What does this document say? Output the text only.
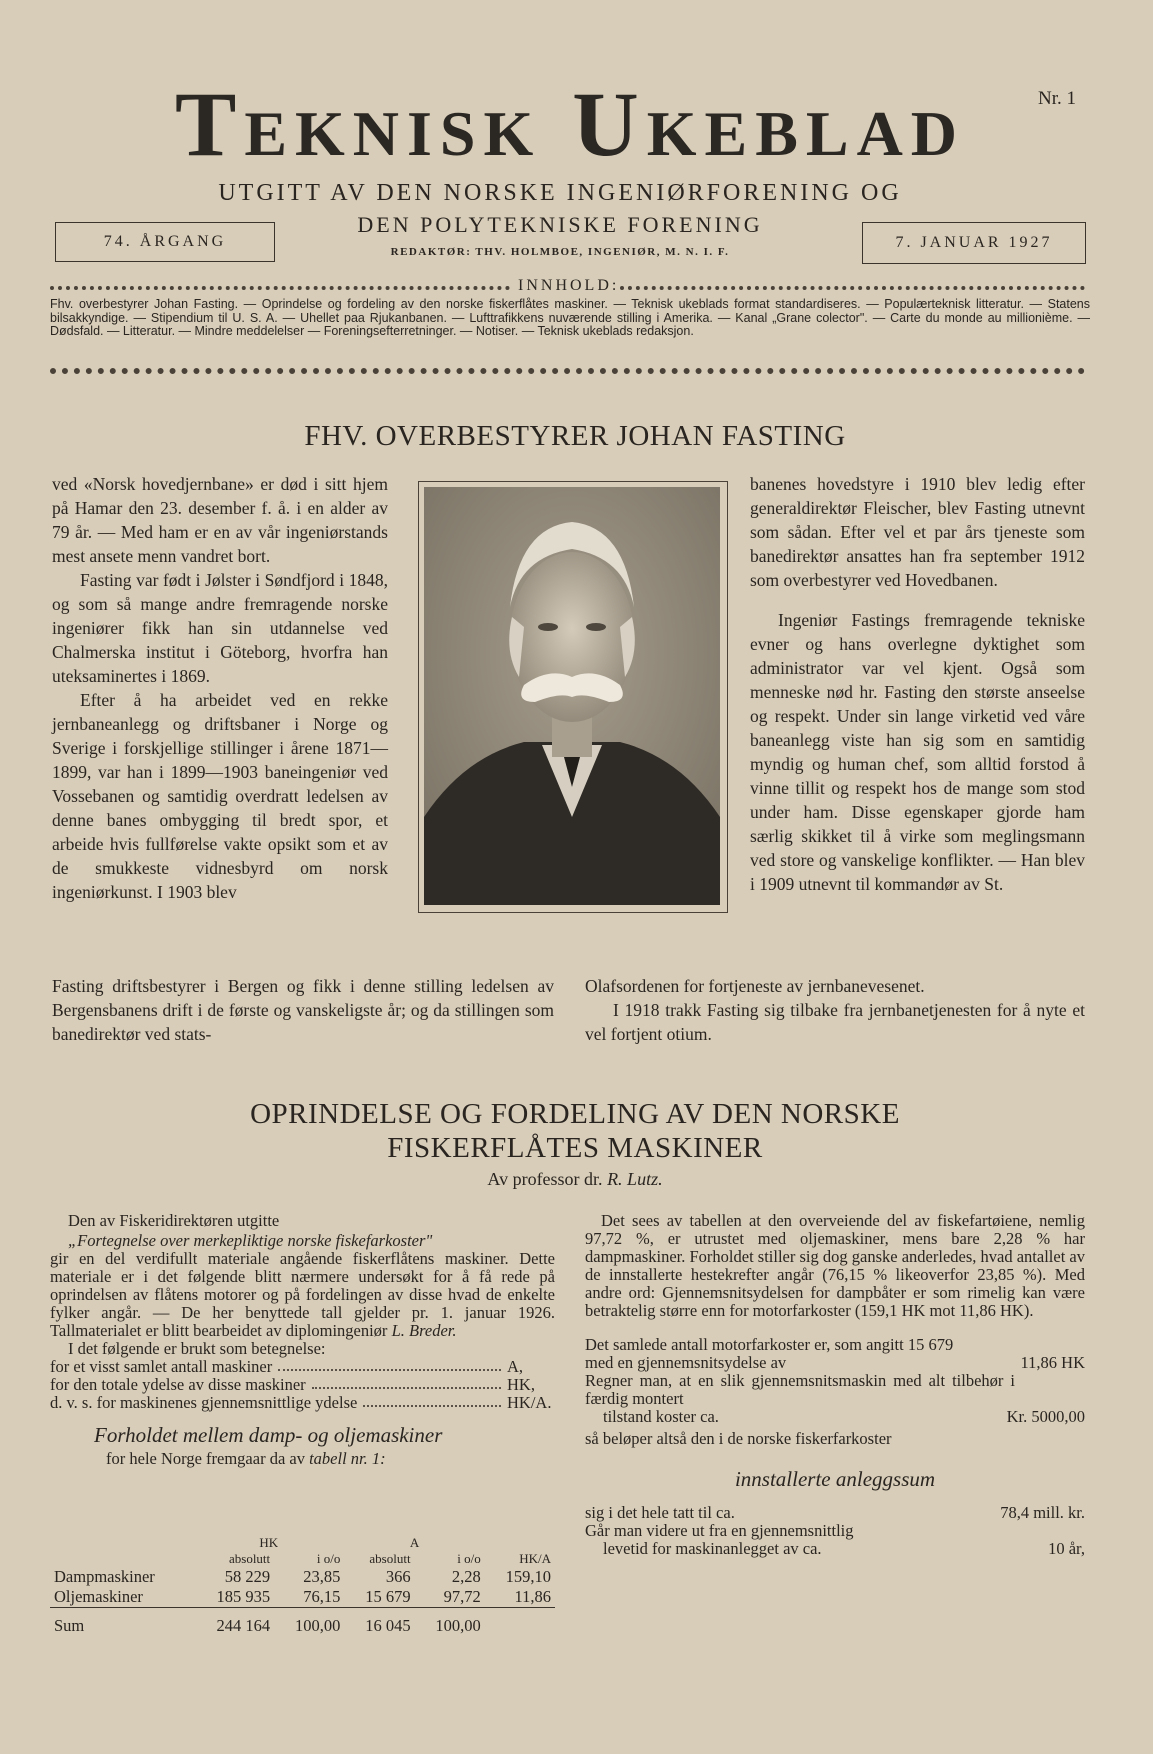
Teknisk Ukeblad	Nr. 1
74. ÅRGANG	7. JANUAR 1927
UTGITT AV DEN NORSKE INGENIØRFORENING OG
DEN POLYTEKNISKE FORENING
REDAKTØR: THV. HOLMBOE, INGENIØR, M. N. I. F.
INNHOLD:
Fhv. overbestyrer Johan Fasting. — Oprindelse og fordeling av den norske fiskerflåtes maskiner. — Teknisk ukeblads format standardiseres. — Populærteknisk litteratur. — Statens bilsakkyndige. — Stipendium til U. S. A. — Uhellet paa Rjukanbanen. — Lufttrafikkens nuværende stilling i Amerika. — Kanal „Grane colector". — Carte du monde au millionième. — Dødsfald. — Litteratur. — Mindre meddelelser — Foreningsefterretninger. — Notiser. — Teknisk ukeblads redaksjon.
FHV. OVERBESTYRER JOHAN FASTING

ved «Norsk hovedjernbane» er død i sitt hjem på Hamar den 23. desember f. å. i en alder av 79 år. — Med ham er en av vår ingeniørstands mest ansete menn vandret bort.

Fasting var født i Jølster i Søndfjord i 1848, og som så mange andre fremragende norske ingeniører fikk han sin utdannelse ved Chalmerska institut i Göteborg, hvorfra han uteksaminertes i 1869.

Efter å ha arbeidet ved en rekke jernbaneanlegg og driftsbaner i Norge og Sverige i forskjellige stillinger i årene 1871—1899, var han i 1899—1903 baneingeniør ved Vossebanen og samtidig overdratt ledelsen av denne banes ombygging til bredt spor, et arbeide hvis fullførelse vakte opsikt som et av de smukkeste vidnesbyrd om norsk ingeniørkunst. I 1903 blev

banenes hovedstyre i 1910 blev ledig efter generaldirektør Fleischer, blev Fasting utnevnt som sådan. Efter vel et par års tjeneste som banedirektør ansattes han fra september 1912 som overbestyrer ved Hovedbanen.

Ingeniør Fastings fremragende tekniske evner og hans overlegne dyktighet som administrator var vel kjent. Også som menneske nød hr. Fasting den største anseelse og respekt. Under sin lange virketid ved våre baneanlegg viste han sig som en samtidig myndig og human chef, som alltid forstod å vinne tillit og respekt hos de mange som stod under ham. Disse egenskaper gjorde ham særlig skikket til å virke som meglingsmann ved store og vanskelige konflikter. — Han blev i 1909 utnevnt til kommandør av St.

Fasting driftsbestyrer i Bergen og fikk i denne stilling ledelsen av Bergensbanens drift i de første og vanskeligste år; og da stillingen som banedirektør ved stats-

Olafsordenen for fortjeneste av jernbanevesenet.

I 1918 trakk Fasting sig tilbake fra jernbanetjenesten for å nyte et vel fortjent otium.

OPRINDELSE OG FORDELING AV DEN NORSKE
FISKERFLÅTES MASKINER
Av professor dr. R. Lutz.

Den av Fiskeridirektøren utgitte

„Fortegnelse over merkepliktige norske fiskefarkoster"

gir en del verdifullt materiale angående fiskerflåtens maskiner. Dette materiale er i det følgende blitt nærmere undersøkt for å få rede på oprindelsen av flåtens motorer og på fordelingen av disse hvad de enkelte fylker angår. — De her benyttede tall gjelder pr. 1. januar 1926. Tallmaterialet er blitt bearbeidet av diplomingeniør L. Breder.

I det følgende er brukt som betegnelse:

for et visst samlet antall maskiner	A,
for den totale ydelse av disse maskiner	HK,
d. v. s. for maskinenes gjennemsnittlige ydelse	HK/A.

Forholdet mellem damp- og oljemaskiner

for hele Norge fremgaar da av tabell nr. 1:

	HK		A		
	absolutt	i o/o	absolutt	i o/o	HK/A
Dampmaskiner	58 229	23,85	366	2,28	159,10
Oljemaskiner	185 935	76,15	15 679	97,72	11,86
Sum	244 164	100,00	16 045	100,00	

Det sees av tabellen at den overveiende del av fiskefartøiene, nemlig 97,72 %, er utrustet med oljemaskiner, mens bare 2,28 % har dampmaskiner. Forholdet stiller sig dog ganske anderledes, hvad antallet av de innstallerte hestekrefter angår (76,15 % likeoverfor 23,85 %). Med andre ord: Gjennemsnitsydelsen for dampbåter er som rimelig kan være betraktelig større enn for motorfarkoster (159,1 HK mot 11,86 HK).

Det samlede antall motorfarkoster er, som angitt 15 679

med en gjennemsnitsydelse av	11,86 HK

Regner man, at en slik gjennemsnitsmaskin med alt tilbehør i færdig montert

tilstand koster ca.	Kr. 5000,00

så beløper altså den i de norske fiskerfarkoster

innstallerte anleggssum

sig i det hele tatt til ca.	78,4 mill. kr.

Går man videre ut fra en gjennemsnittlig

levetid for maskinanlegget av ca.	10 år,
